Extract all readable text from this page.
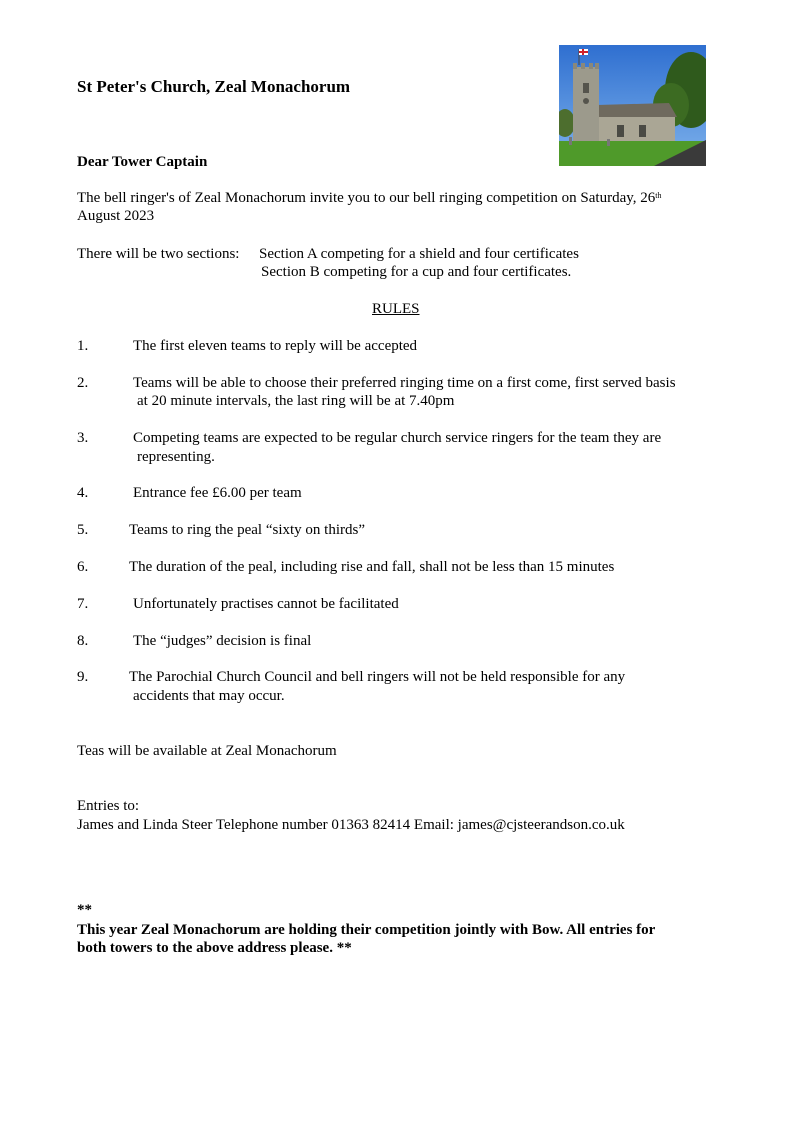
St Peter's Church, Zeal Monachorum
Dear Tower Captain
The bell ringer's of Zeal Monachorum invite you to our bell ringing competition on Saturday, 26th
August 2023
There will be two sections: Section A competing for a shield and four certificates
Section B competing for a cup and four certificates.
RULES
1.	The first eleven teams to reply will be accepted
2.	Teams will be able to choose their preferred ringing time on a first come, first served basis
at 20 minute intervals, the last ring will be at 7.40pm
3.	Competing teams are expected to be regular church service ringers for the team they are
representing.
4.	Entrance fee £6.00 per team
5.	Teams to ring the peal “sixty on thirds”
6.	The duration of the peal, including rise and fall, shall not be less than 15 minutes
7.	Unfortunately practises cannot be facilitated
8.	The “judges” decision is final
9.	The Parochial Church Council and bell ringers will not be held responsible for any
accidents that may occur.
Teas will be available at Zeal Monachorum
Entries to:
James and Linda Steer Telephone number 01363 82414 Email: james@cjsteerandson.co.uk
**
This year Zeal Monachorum are holding their competition jointly with Bow. All entries for
both towers to the above address please. **
